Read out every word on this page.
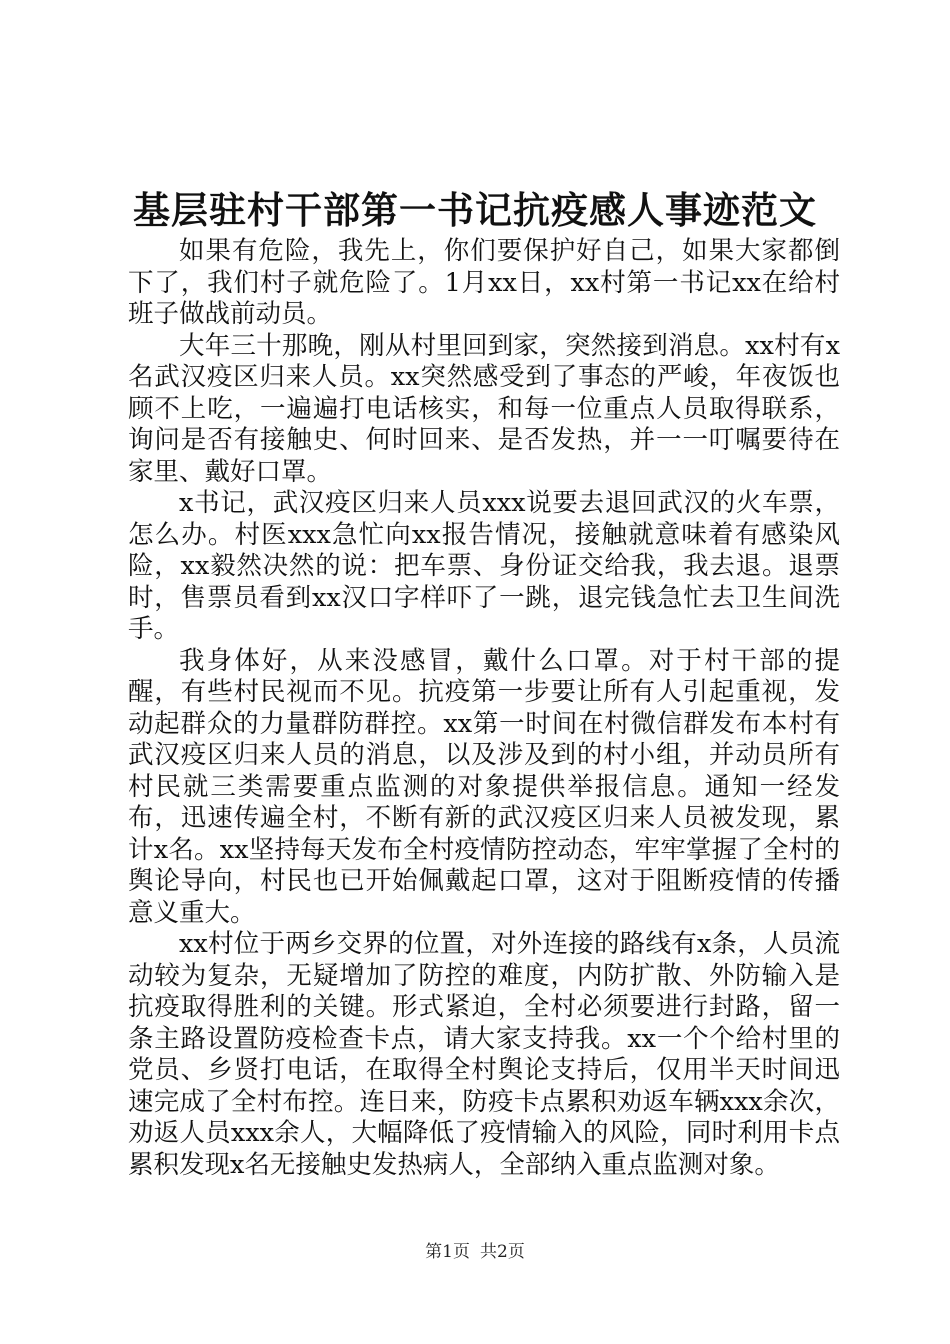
基层驻村干部第一书记抗疫感人事迹范文

如果有危险，我先上，你们要保护好自己，如果大家都倒下了，我们村子就危险了。1月xx日，xx村第一书记xx在给村班子做战前动员。

大年三十那晚，刚从村里回到家，突然接到消息。xx村有x名武汉疫区归来人员。xx突然感受到了事态的严峻，年夜饭也顾不上吃，一遍遍打电话核实，和每一位重点人员取得联系，询问是否有接触史、何时回来、是否发热，并一一叮嘱要待在家里、戴好口罩。

x书记，武汉疫区归来人员xxx说要去退回武汉的火车票，怎么办。村医xxx急忙向xx报告情况，接触就意味着有感染风险，xx毅然决然的说：把车票、身份证交给我，我去退。退票时，售票员看到xx汉口字样吓了一跳，退完钱急忙去卫生间洗手。

我身体好，从来没感冒，戴什么口罩。对于村干部的提醒，有些村民视而不见。抗疫第一步要让所有人引起重视，发动起群众的力量群防群控。xx第一时间在村微信群发布本村有武汉疫区归来人员的消息，以及涉及到的村小组，并动员所有村民就三类需要重点监测的对象提供举报信息。通知一经发布，迅速传遍全村，不断有新的武汉疫区归来人员被发现，累计x名。xx坚持每天发布全村疫情防控动态，牢牢掌握了全村的舆论导向，村民也已开始佩戴起口罩，这对于阻断疫情的传播意义重大。

xx村位于两乡交界的位置，对外连接的路线有x条，人员流动较为复杂，无疑增加了防控的难度，内防扩散、外防输入是抗疫取得胜利的关键。形式紧迫，全村必须要进行封路，留一条主路设置防疫检查卡点，请大家支持我。xx一个个给村里的党员、乡贤打电话，在取得全村舆论支持后，仅用半天时间迅速完成了全村布控。连日来，防疫卡点累积劝返车辆xxx余次，劝返人员xxx余人，大幅降低了疫情输入的风险，同时利用卡点累积发现x名无接触史发热病人，全部纳入重点监测对象。

第1页 共2页
